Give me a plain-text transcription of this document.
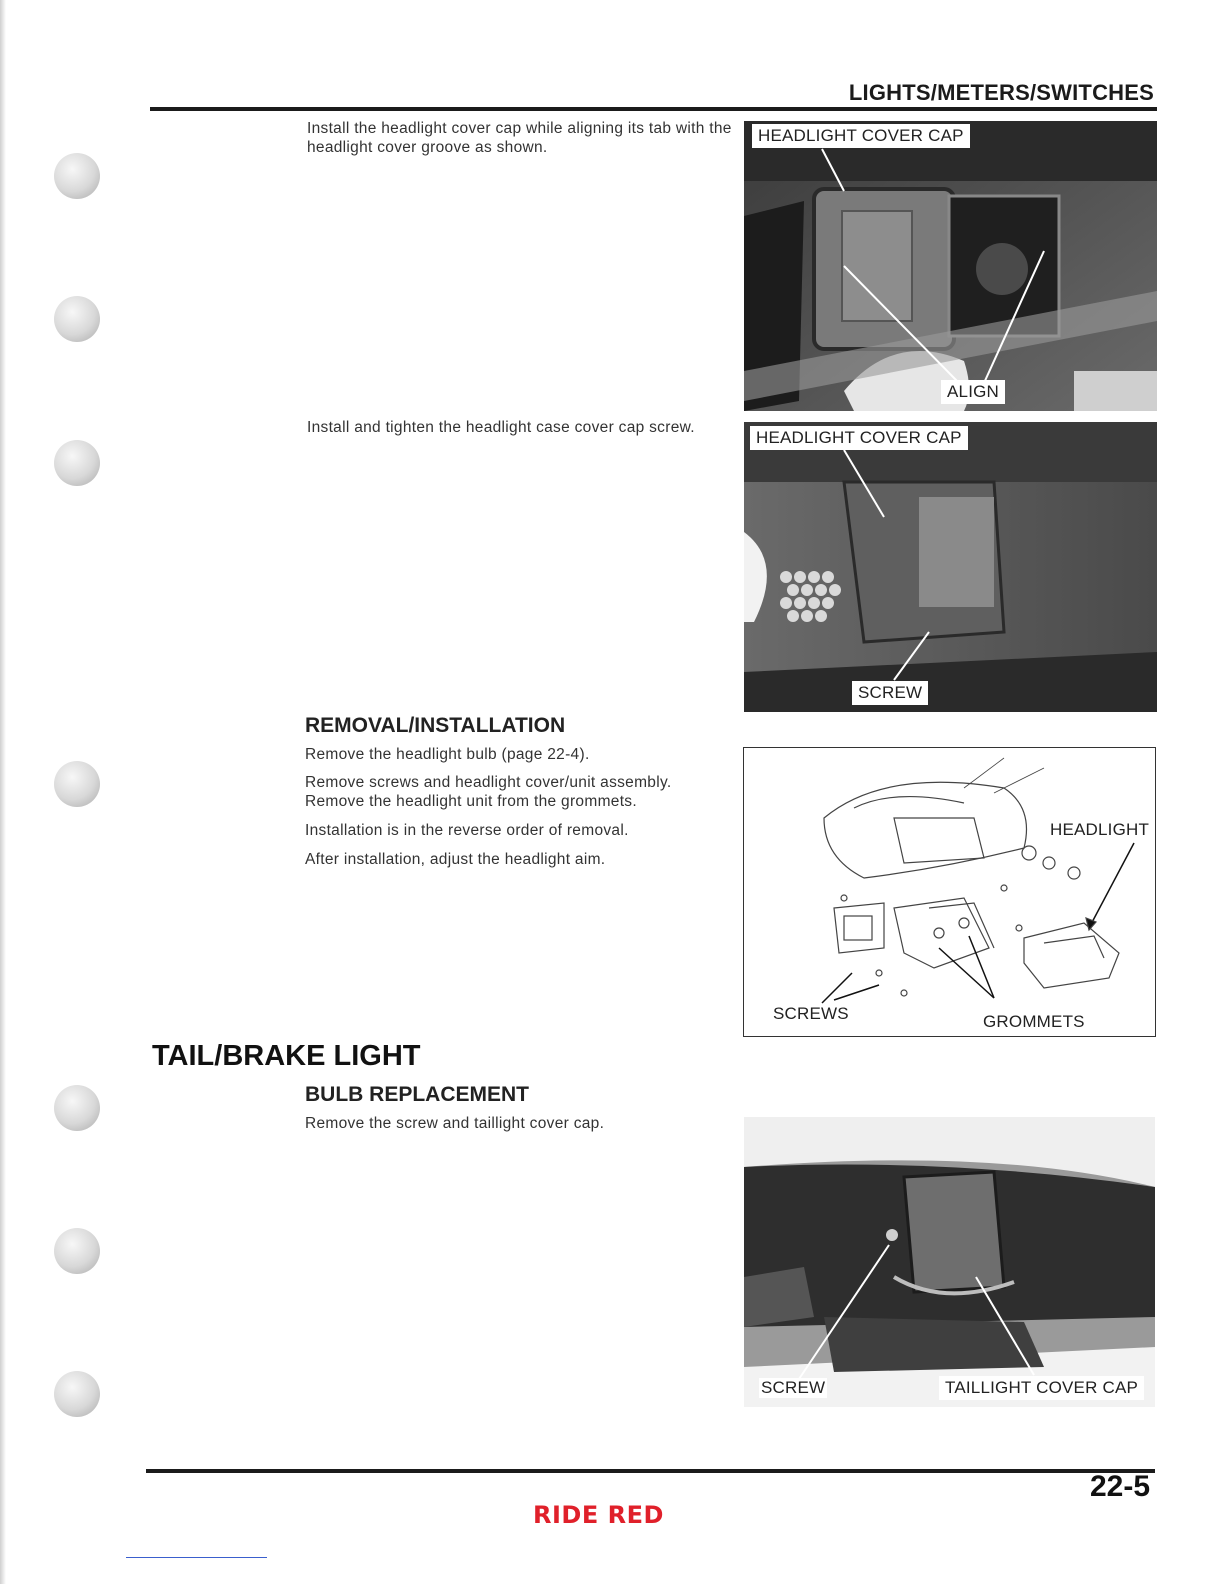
LIGHTS/METERS/SWITCHES
Install the headlight cover cap while aligning its tab with the headlight cover groove as shown.
HEADLIGHT COVER CAP
ALIGN
Install and tighten the headlight case cover cap screw.
HEADLIGHT COVER CAP
SCREW
REMOVAL/INSTALLATION
Remove the headlight bulb (page 22-4).
Remove screws and headlight cover/unit assembly. Remove the headlight unit from the grommets.
Installation is in the reverse order of removal.
After installation, adjust the headlight aim.
HEADLIGHT
SCREWS	GROMMETS
TAIL/BRAKE LIGHT
BULB REPLACEMENT
Remove the screw and taillight cover cap.
SCREW	TAILLIGHT COVER CAP
22-5
RIDE RED
